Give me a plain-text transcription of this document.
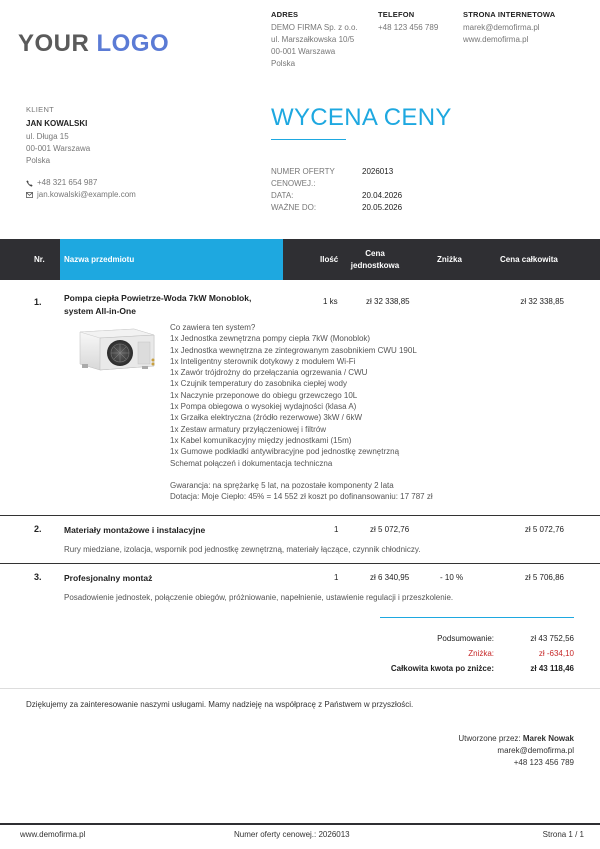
YOUR LOGO
ADRES
DEMO FIRMA Sp. z o.o.
ul. Marszałkowska 10/5
00-001 Warszawa
Polska
TELEFON
+48 123 456 789
STRONA INTERNETOWA
marek@demofirma.pl
www.demofirma.pl
KLIENT
JAN KOWALSKI
ul. Długa 15
00-001 Warszawa
Polska
+48 321 654 987
jan.kowalski@example.com
WYCENA CENY
NUMER OFERTY
CENOWEJ.:
2026013
DATA:	20.04.2026
WAŻNE DO:	20.05.2026
Nr. Nazwa przedmiotu	Ilość
Cena
jednostkowa
Zniżka	Cena całkowita
1.	Pompa ciepła Powietrze-Woda 7kW Monoblok,
system All-in-One
1 ks	zł 32 338,85	zł 32 338,85
Co zawiera ten system?
1x Jednostka zewnętrzna pompy ciepła 7kW (Monoblok)
1x Jednostka wewnętrzna ze zintegrowanym zasobnikiem CWU 190L
1x Inteligentny sterownik dotykowy z modułem Wi-Fi
1x Zawór trójdrożny do przełączania ogrzewania / CWU
1x Czujnik temperatury do zasobnika ciepłej wody
1x Naczynie przeponowe do obiegu grzewczego 10L
1x Pompa obiegowa o wysokiej wydajności (klasa A)
1x Grzałka elektryczna (źródło rezerwowe) 3kW / 6kW
1x Zestaw armatury przyłączeniowej i filtrów
1x Kabel komunikacyjny między jednostkami (15m)
1x Gumowe podkładki antywibracyjne pod jednostkę zewnętrzną
Schemat połączeń i dokumentacja techniczna
Gwarancja: na sprężarkę 5 lat, na pozostałe komponenty 2 lata
Dotacja: Moje Ciepło: 45% = 14 552 zł koszt po dofinansowaniu: 17 787 zł
2.	Materiały montażowe i instalacyjne	1	zł 5 072,76	zł 5 072,76
Rury miedziane, izolacja, wspornik pod jednostkę zewnętrzną, materiały łączące, czynnik chłodniczy.
3.	Profesjonalny montaż	1	zł 6 340,95	- 10 %	zł 5 706,86
Posadowienie jednostek, połączenie obiegów, próżniowanie, napełnienie, ustawienie regulacji i przeszkolenie.
Podsumowanie:	zł 43 752,56
Zniżka:	zł -634,10
Całkowita kwota po zniżce:	zł 43 118,46
Dziękujemy za zainteresowanie naszymi usługami. Mamy nadzieję na współpracę z Państwem w przyszłości.
Utworzone przez: Marek Nowak
marek@demofirma.pl
+48 123 456 789
www.demofirma.pl	Numer oferty cenowej.: 2026013	Strona 1 / 1
